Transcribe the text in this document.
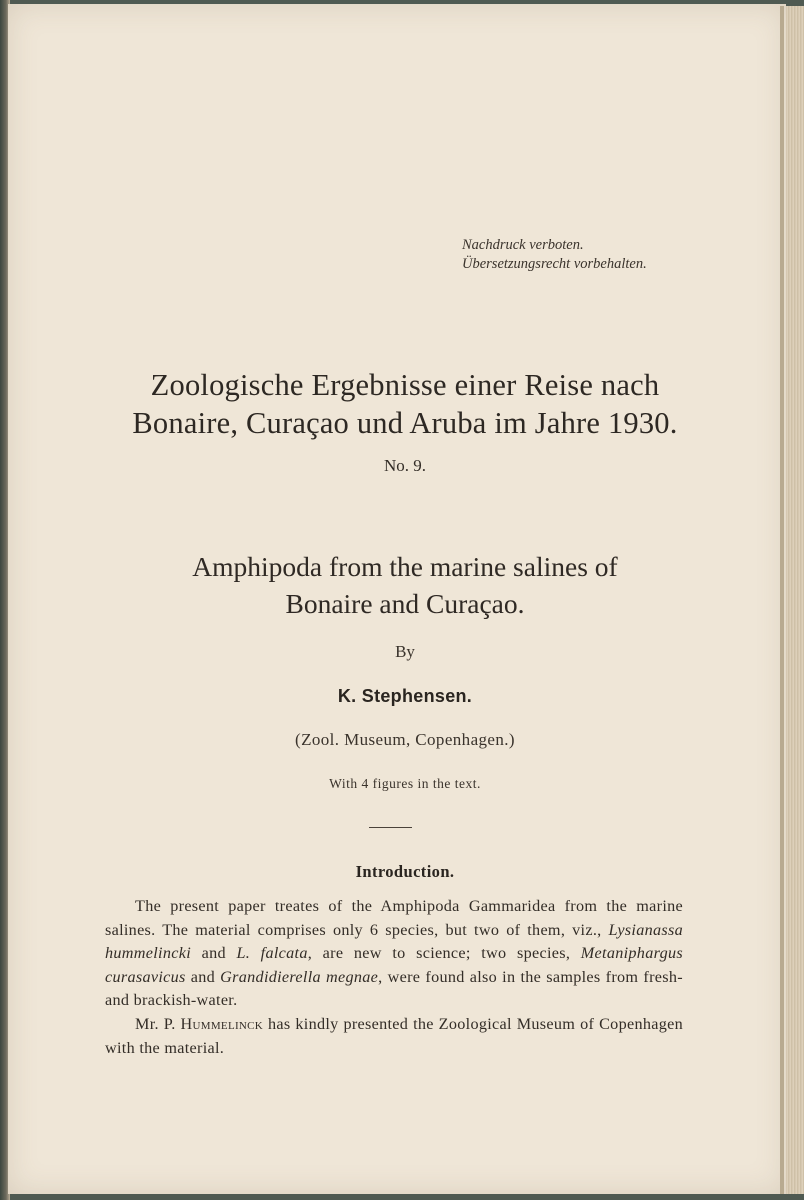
Nachdruck verboten.
Übersetzungsrecht vorbehalten.
Zoologische Ergebnisse einer Reise nach
Bonaire, Curaçao und Aruba im Jahre 1930.
No. 9.
Amphipoda from the marine salines of
Bonaire and Curaçao.
By
K. Stephensen.
(Zool. Museum, Copenhagen.)
With 4 figures in the text.
Introduction.

The present paper treates of the Amphipoda Gammaridea from the marine salines. The material comprises only 6 species, but two of them, viz., Lysianassa hummelincki and L. falcata, are new to science; two species, Metaniphargus curasavicus and Grandidierella megnae, were found also in the samples from fresh- and brackish-water.

Mr. P. Hummelinck has kindly presented the Zoological Museum of Copenhagen with the material.
